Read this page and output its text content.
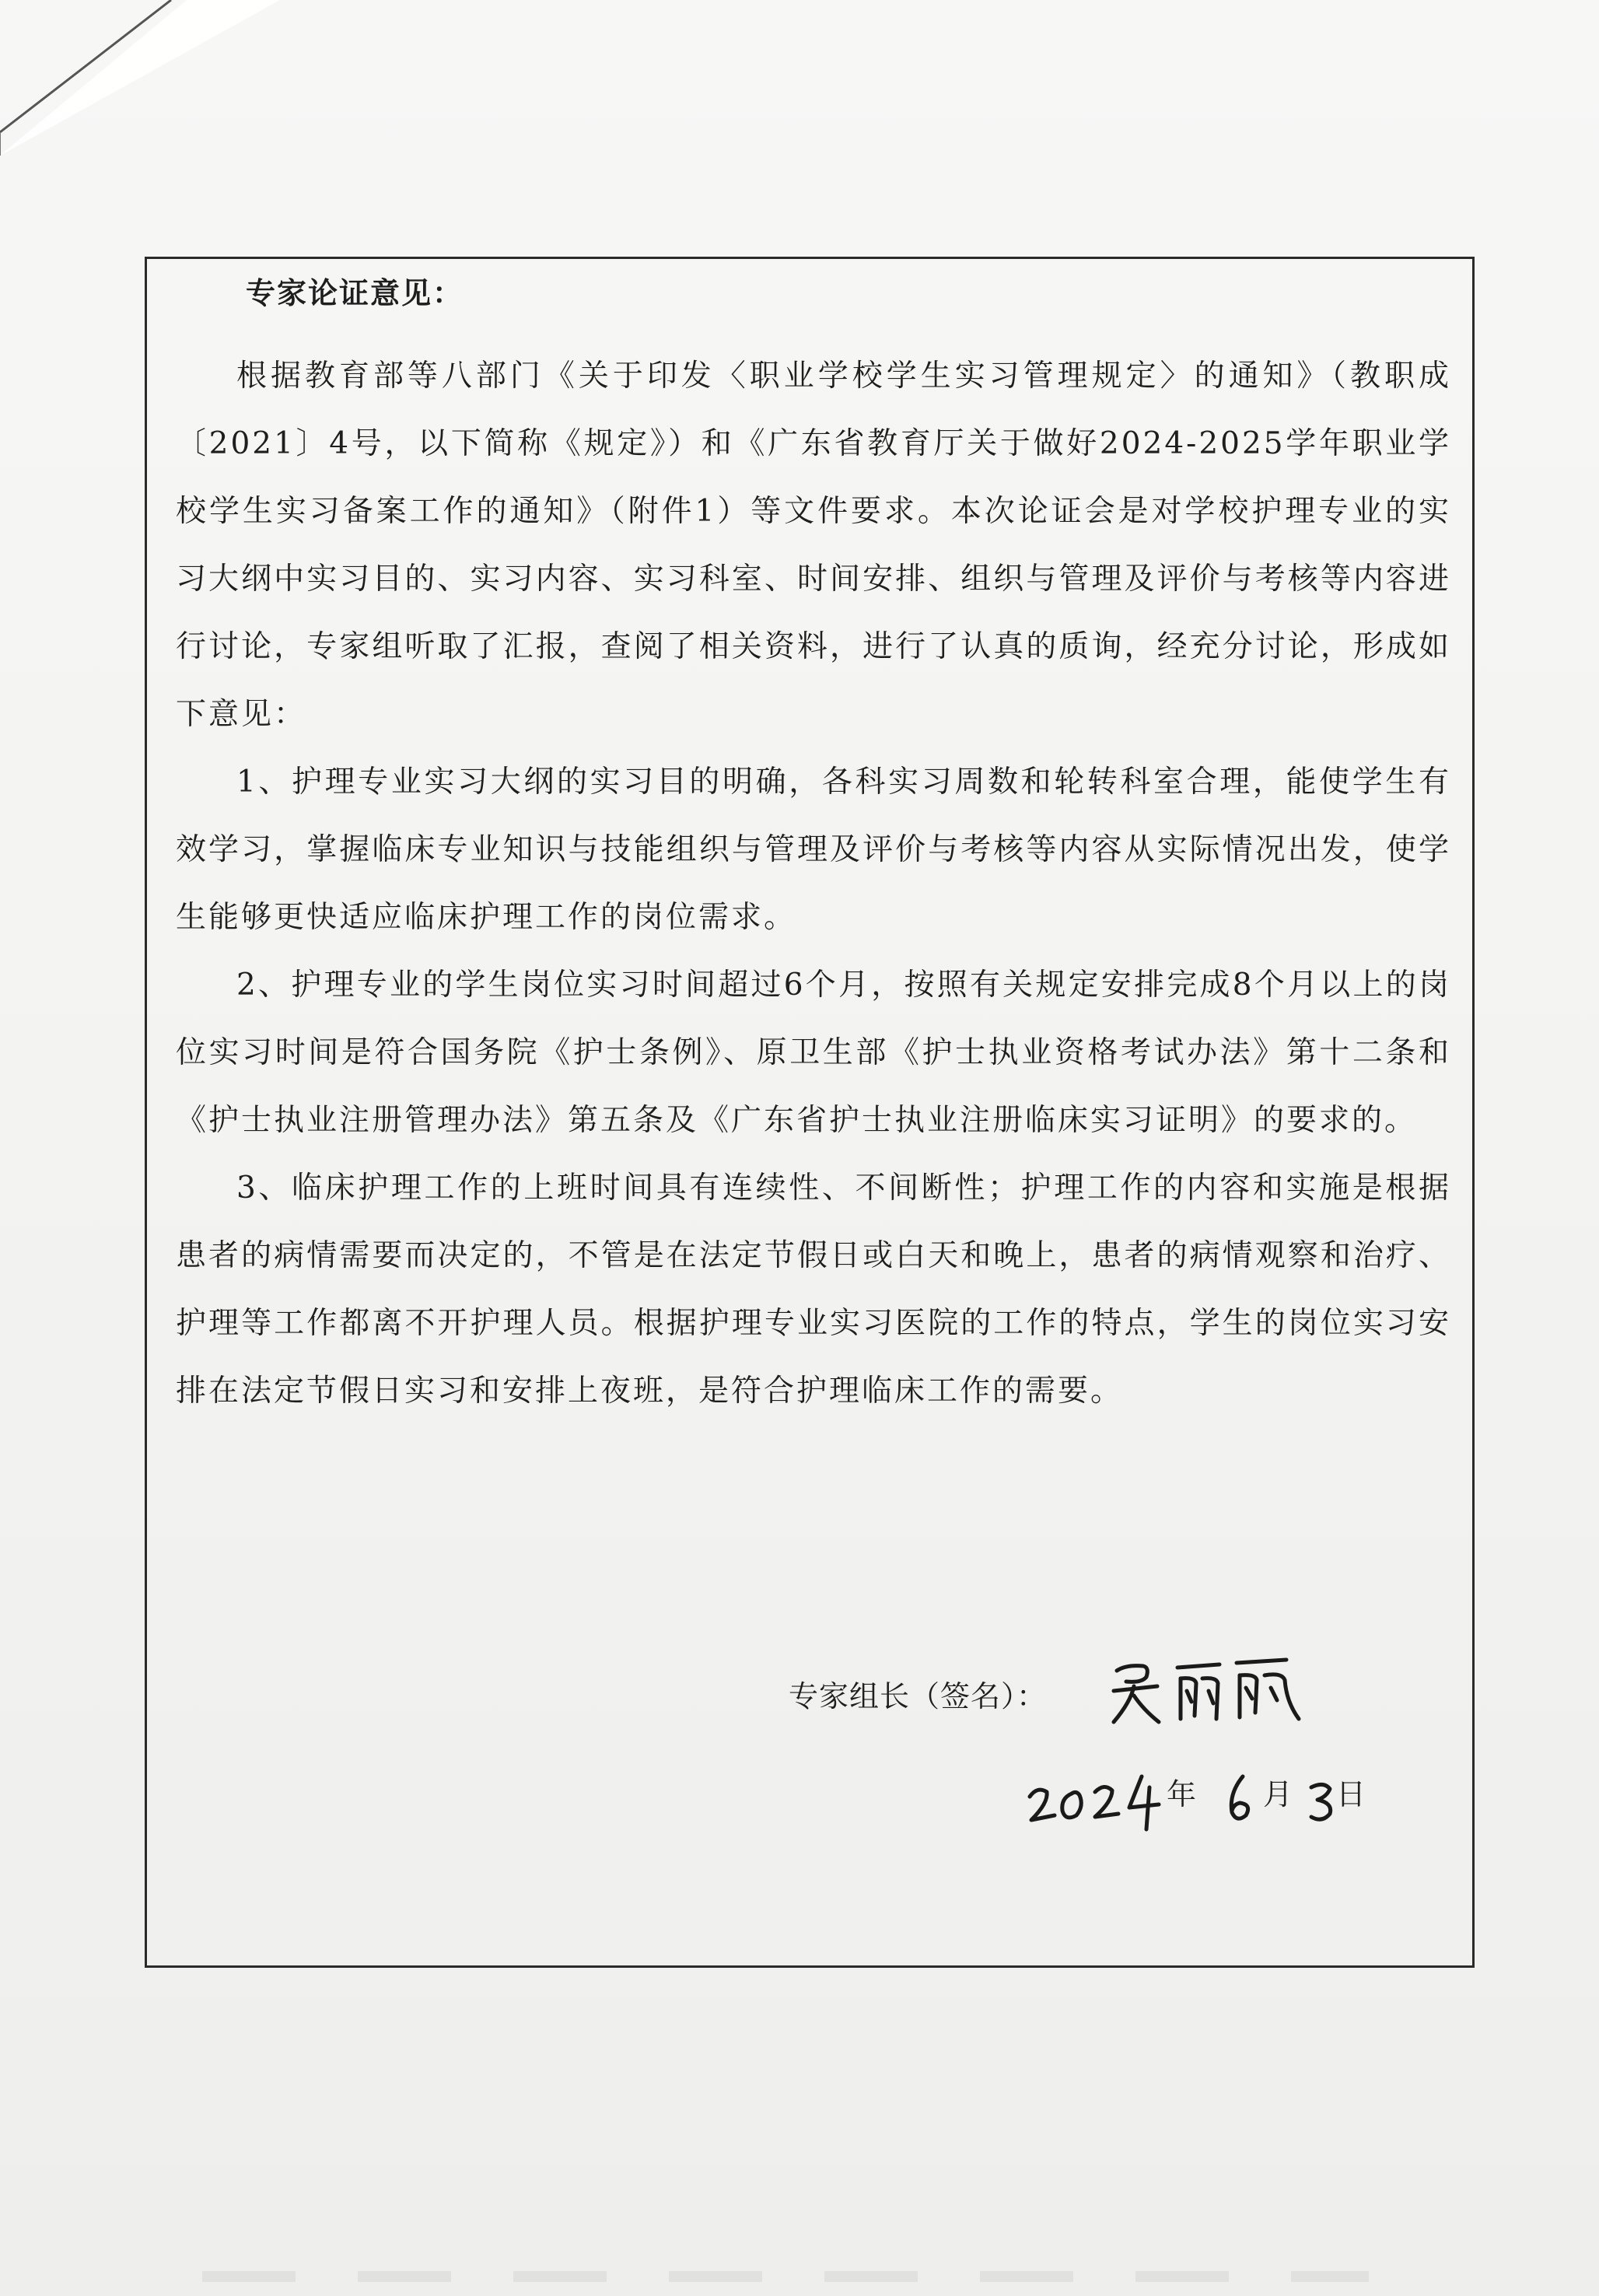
专家论证意见：

根据教育部等八部门《关于印发〈职业学校学生实习管理规定〉的通知》（教职成〔2021〕4号，以下简称《规定》）和《广东省教育厅关于做好2024-2025学年职业学校学生实习备案工作的通知》（附件1）等文件要求。本次论证会是对学校护理专业的实习大纲中实习目的、实习内容、实习科室、时间安排、组织与管理及评价与考核等内容进行讨论，专家组听取了汇报，查阅了相关资料，进行了认真的质询，经充分讨论，形成如下意见：

1、护理专业实习大纲的实习目的明确，各科实习周数和轮转科室合理，能使学生有效学习，掌握临床专业知识与技能组织与管理及评价与考核等内容从实际情况出发，使学生能够更快适应临床护理工作的岗位需求。

2、护理专业的学生岗位实习时间超过6个月，按照有关规定安排完成8个月以上的岗位实习时间是符合国务院《护士条例》、原卫生部《护士执业资格考试办法》第十二条和《护士执业注册管理办法》第五条及《广东省护士执业注册临床实习证明》的要求的。

3、临床护理工作的上班时间具有连续性、不间断性；护理工作的内容和实施是根据患者的病情需要而决定的，不管是在法定节假日或白天和晚上，患者的病情观察和治疗、护理等工作都离不开护理人员。根据护理专业实习医院的工作的特点，学生的岗位实习安排在法定节假日实习和安排上夜班，是符合护理临床工作的需要。

专家组长（签名）：
年 月 日
